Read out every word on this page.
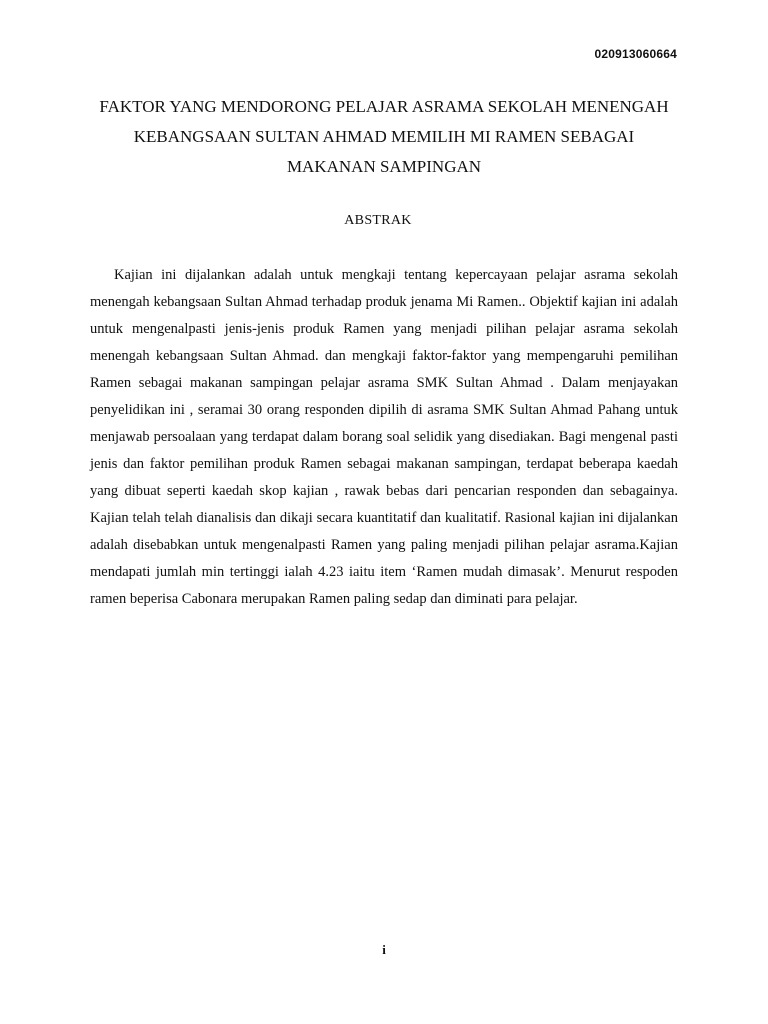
020913060664
FAKTOR YANG MENDORONG PELAJAR ASRAMA SEKOLAH MENENGAH KEBANGSAAN SULTAN AHMAD MEMILIH MI RAMEN SEBAGAI MAKANAN SAMPINGAN
ABSTRAK

Kajian ini dijalankan adalah untuk mengkaji tentang kepercayaan pelajar asrama sekolah menengah kebangsaan Sultan Ahmad terhadap produk jenama Mi Ramen.. Objektif kajian ini adalah untuk mengenalpasti jenis-jenis produk Ramen yang menjadi pilihan pelajar asrama sekolah menengah kebangsaan Sultan Ahmad. dan mengkaji faktor-faktor yang mempengaruhi pemilihan Ramen sebagai makanan sampingan pelajar asrama SMK Sultan Ahmad . Dalam menjayakan penyelidikan ini , seramai 30 orang responden dipilih di asrama SMK Sultan Ahmad Pahang untuk menjawab persoalaan yang terdapat dalam borang soal selidik yang disediakan. Bagi mengenal pasti jenis dan faktor pemilihan produk Ramen sebagai makanan sampingan, terdapat beberapa kaedah yang dibuat seperti kaedah skop kajian , rawak bebas dari pencarian responden dan sebagainya. Kajian telah telah dianalisis dan dikaji secara kuantitatif dan kualitatif. Rasional kajian ini dijalankan adalah disebabkan untuk mengenalpasti Ramen yang paling menjadi pilihan pelajar asrama.Kajian mendapati jumlah min tertinggi ialah 4.23 iaitu item ‘Ramen mudah dimasak’. Menurut respoden ramen beperisa Cabonara merupakan Ramen paling sedap dan diminati para pelajar.

i
